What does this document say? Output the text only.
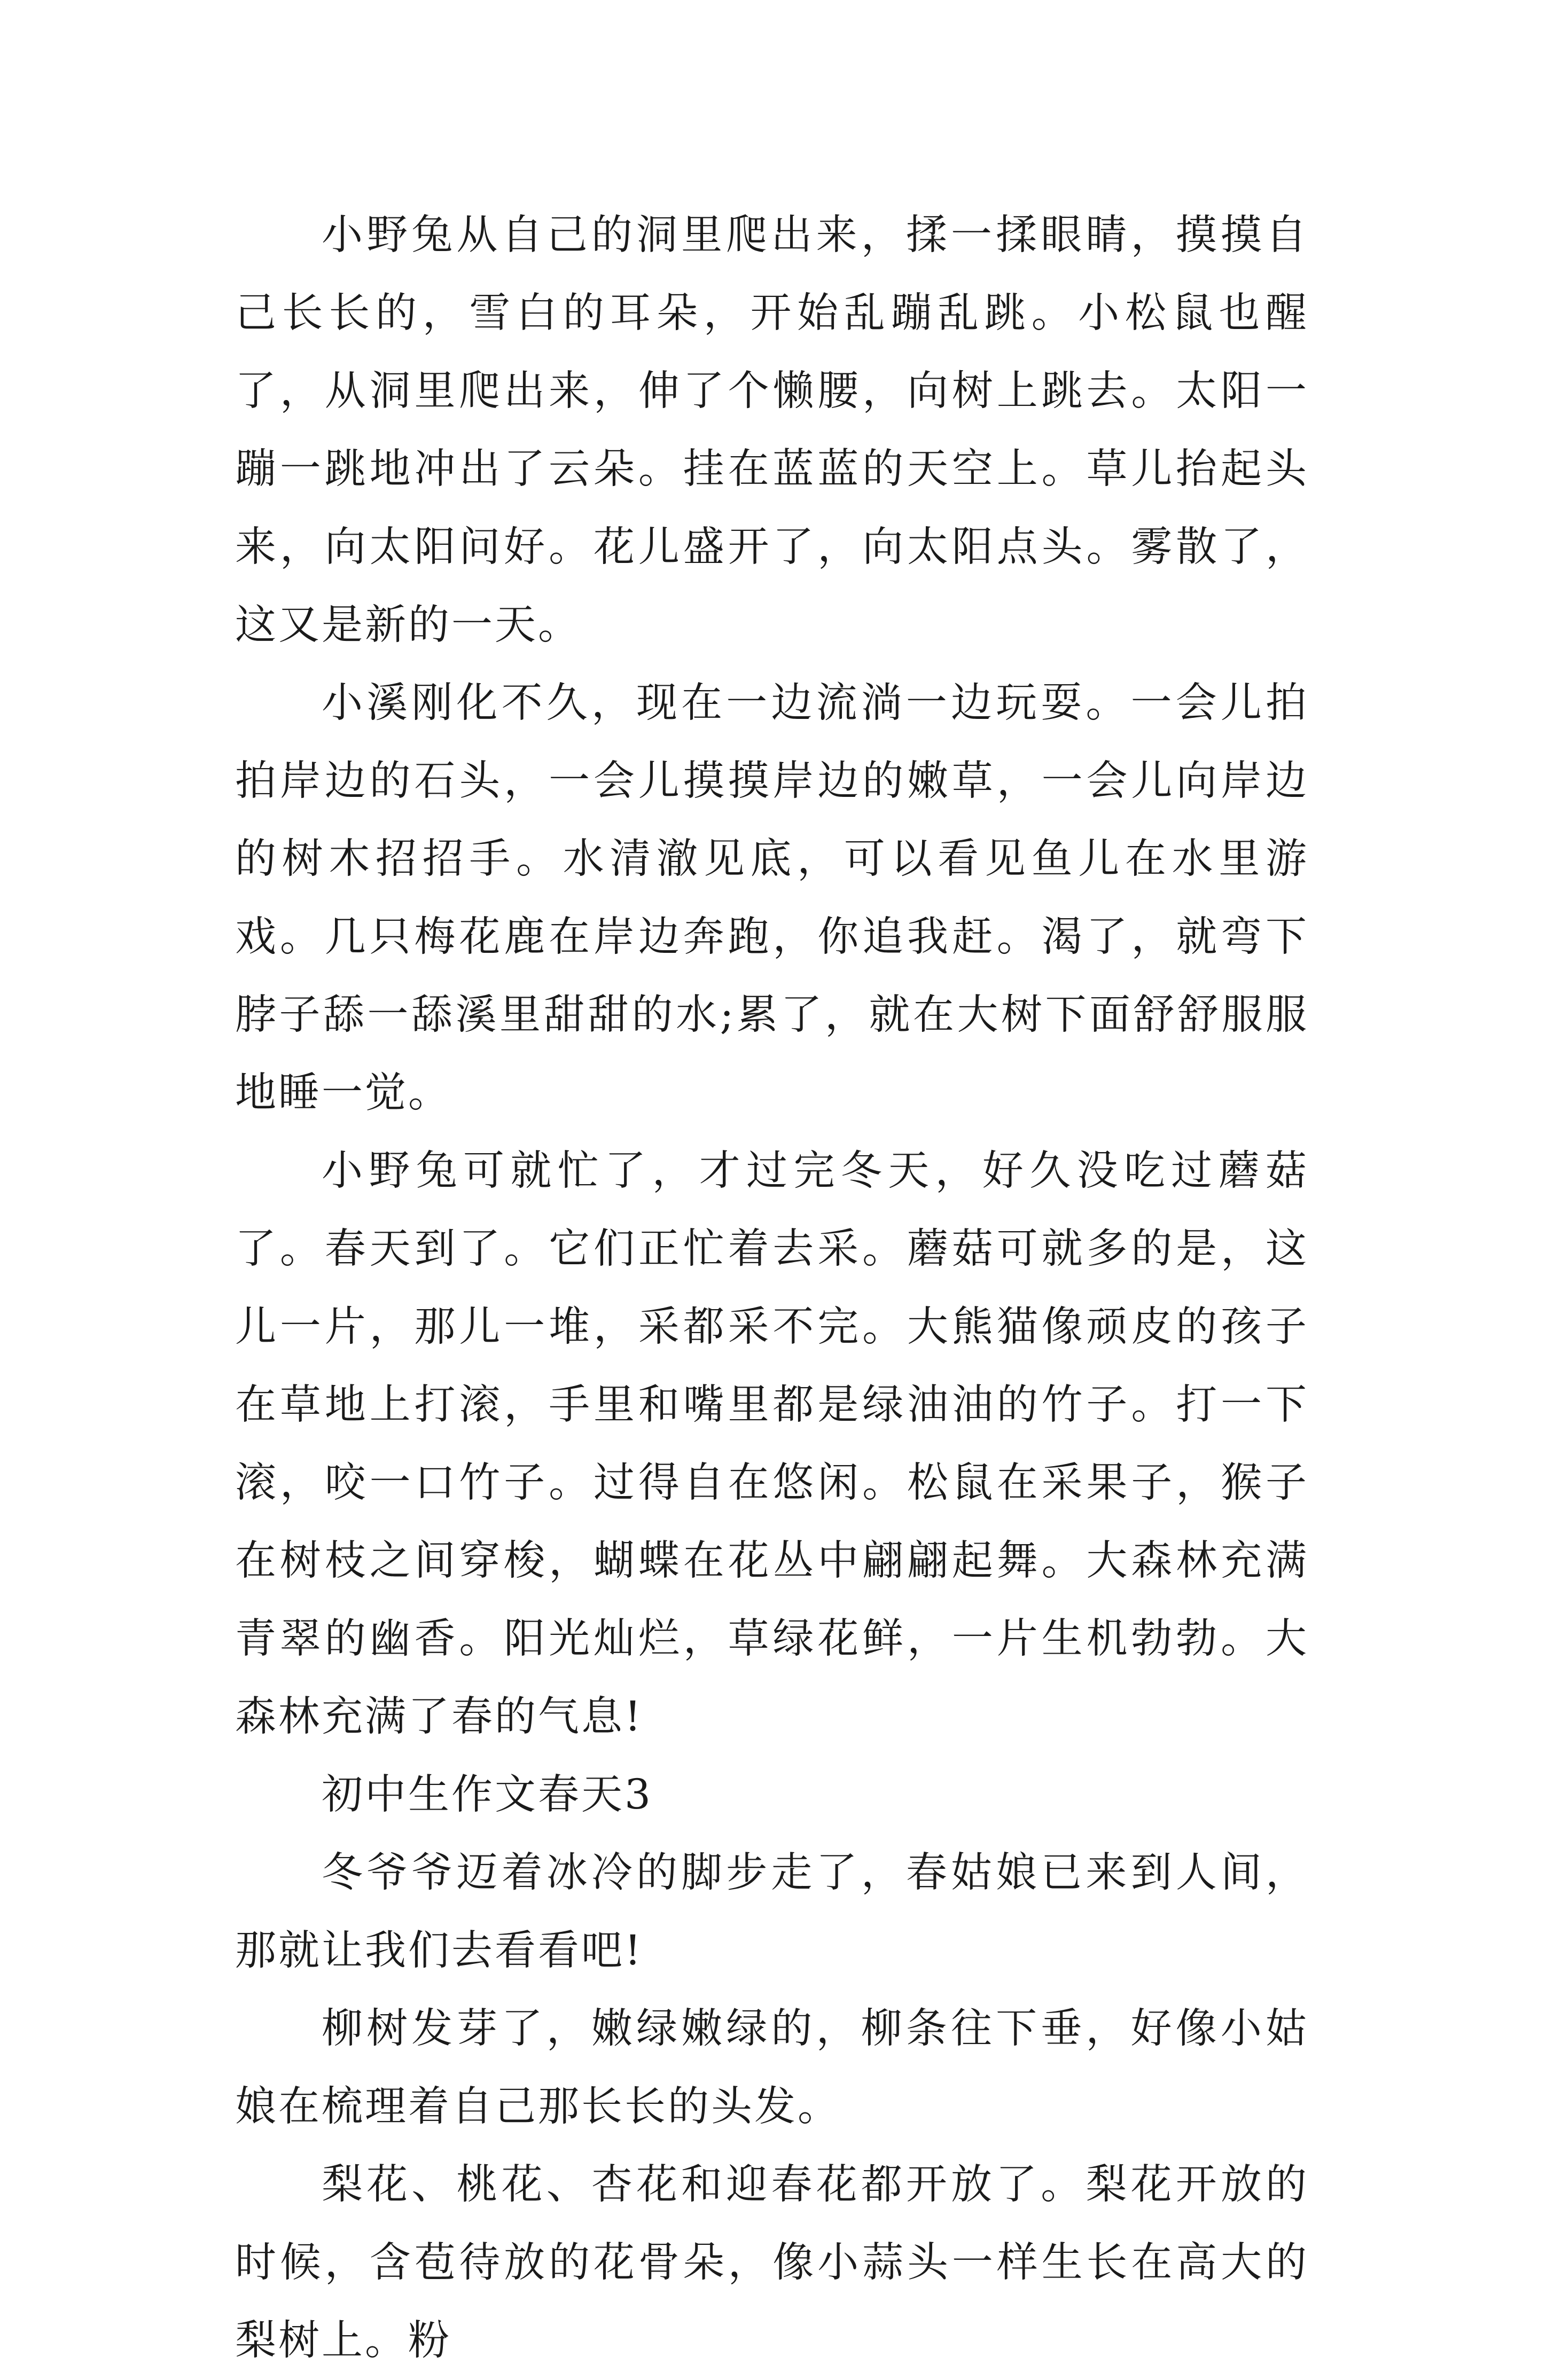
小野兔从自己的洞里爬出来，揉一揉眼睛，摸摸自己长长的，雪白的耳朵，开始乱蹦乱跳。小松鼠也醒了，从洞里爬出来，伸了个懒腰，向树上跳去。太阳一蹦一跳地冲出了云朵。挂在蓝蓝的天空上。草儿抬起头来，向太阳问好。花儿盛开了，向太阳点头。雾散了，这又是新的一天。

小溪刚化不久，现在一边流淌一边玩耍。一会儿拍拍岸边的石头，一会儿摸摸岸边的嫩草，一会儿向岸边的树木招招手。水清澈见底，可以看见鱼儿在水里游戏。几只梅花鹿在岸边奔跑，你追我赶。渴了，就弯下脖子舔一舔溪里甜甜的水;累了，就在大树下面舒舒服服地睡一觉。

小野兔可就忙了，才过完冬天，好久没吃过蘑菇了。春天到了。它们正忙着去采。蘑菇可就多的是，这儿一片，那儿一堆，采都采不完。大熊猫像顽皮的孩子在草地上打滚，手里和嘴里都是绿油油的竹子。打一下滚，咬一口竹子。过得自在悠闲。松鼠在采果子，猴子在树枝之间穿梭，蝴蝶在花丛中翩翩起舞。大森林充满青翠的幽香。阳光灿烂，草绿花鲜，一片生机勃勃。大森林充满了春的气息!

初中生作文春天3

冬爷爷迈着冰冷的脚步走了，春姑娘已来到人间，那就让我们去看看吧!

柳树发芽了，嫩绿嫩绿的，柳条往下垂，好像小姑娘在梳理着自己那长长的头发。

梨花、桃花、杏花和迎春花都开放了。梨花开放的时候，含苞待放的花骨朵，像小蒜头一样生长在高大的梨树上。粉
